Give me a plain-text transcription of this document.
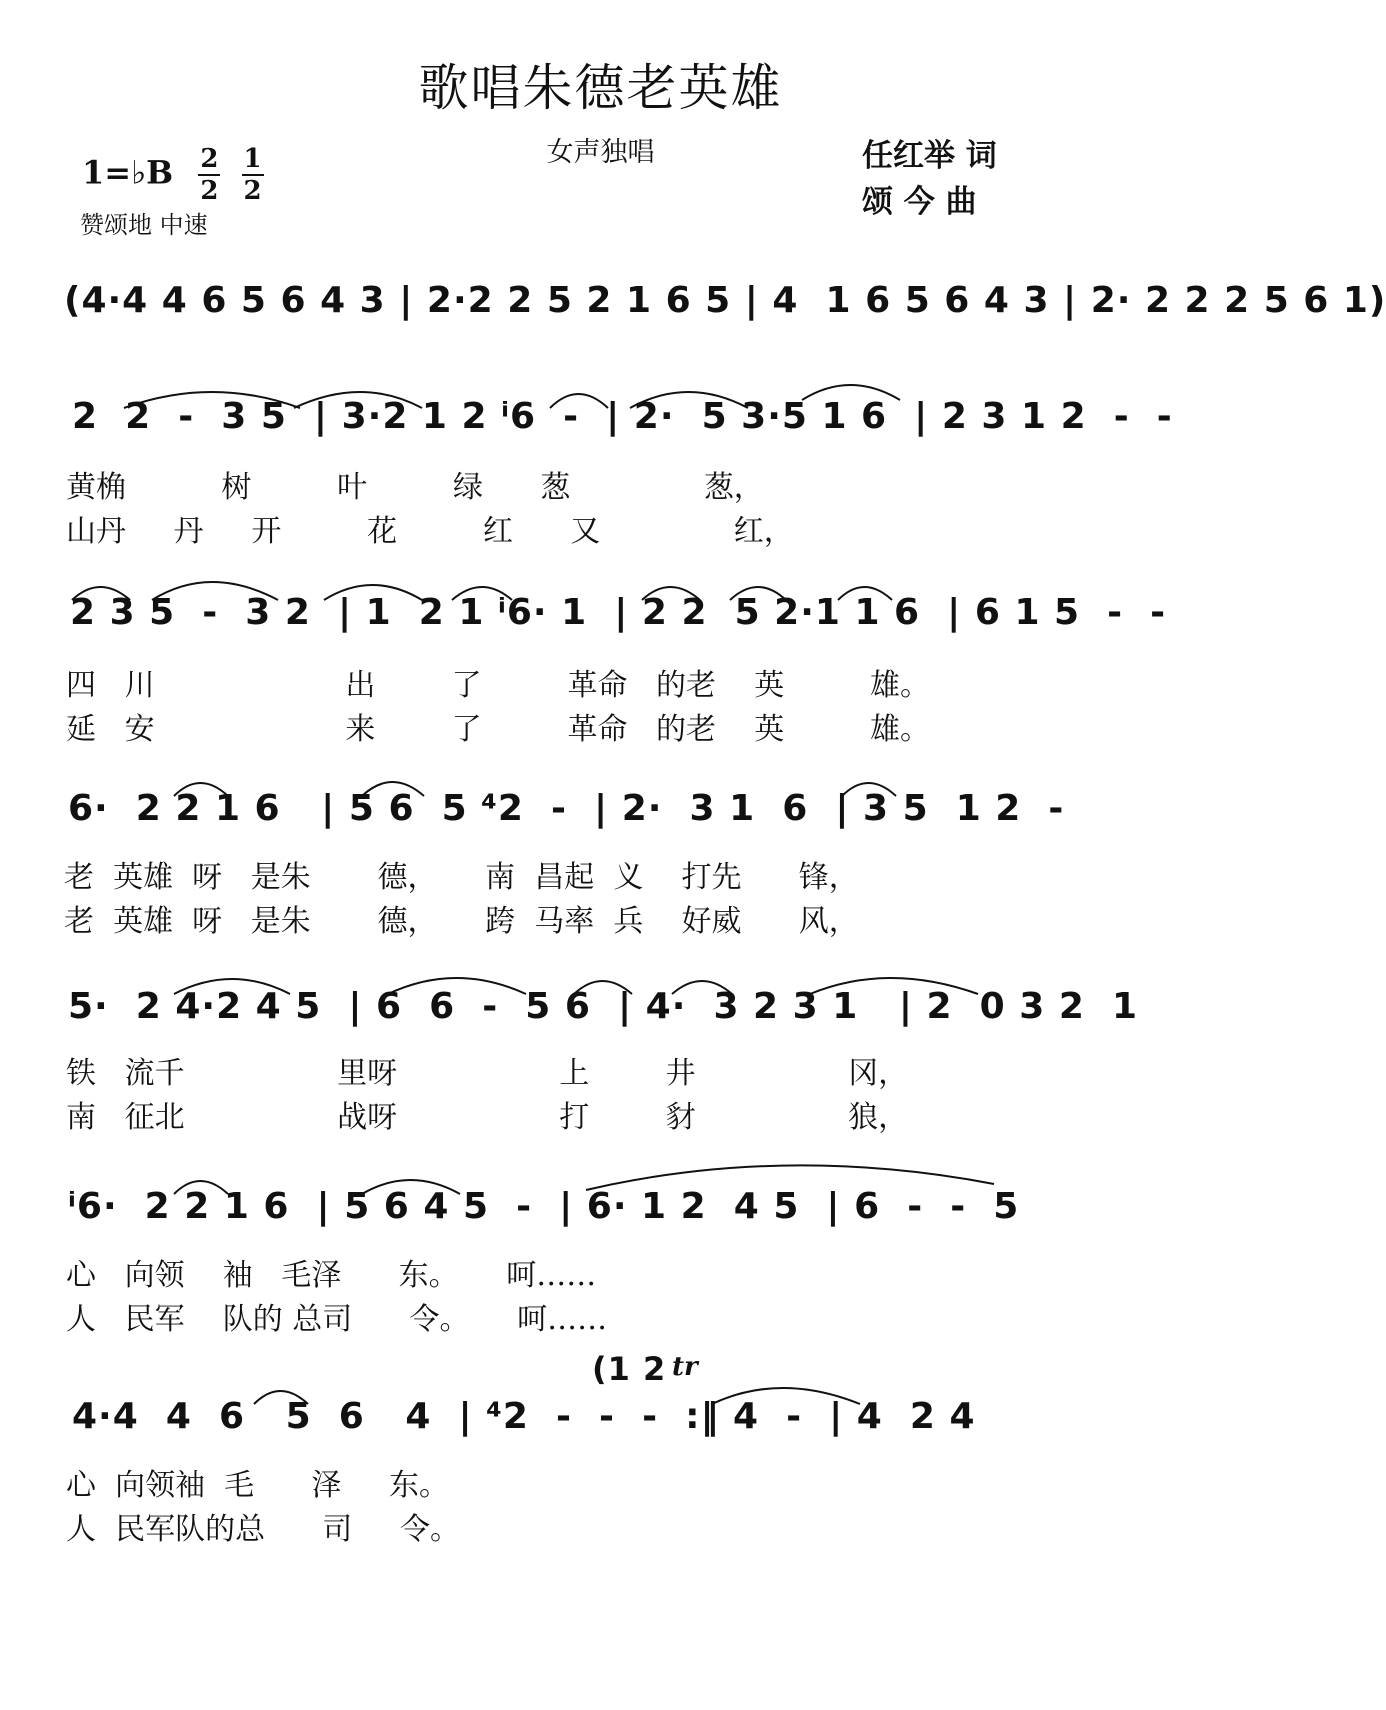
歌唱朱德老英雄
女声独唱
1=♭B $\frac{2}{2}$
$\frac{1}{2}$
赞颂地 中速
任红举 词
颂 今 曲
(4·4 4 6 5 6 4 3 | 2·2 2 5 2 1 6 5 | 4  1 6 5 6 4 3 | 2· 2 2 2 5 6 1)
2  2  -  3 5  | 3·2 1 2 ⁱ6  -  | 2·  5 3·5 1 6  | 2 3 1 2  -  -
黄桷          树         叶         绿      葱              葱，
山丹     丹     开         花         红      又              红，
2 3 5  -  3 2  | 1  2 1 ⁱ6· 1  | 2 2  5 2·1 1 6  | 6 1 5  -  -
四   川                    出        了         革命   的老    英         雄。
延   安                    来        了         革命   的老    英         雄。
6·  2 2 1 6   | 5 6  5 ⁴2  -  | 2·  3 1  6  | 3 5  1 2  -
老  英雄  呀   是朱       德，     南  昌起  义    打先      锋，
老  英雄  呀   是朱       德，     跨  马率  兵    好威      风，
5·  2 4·2 4 5  | 6  6  -  5 6  | 4·  3 2 3 1   | 2  0 3 2  1
铁   流千                里呀                 上        井                冈，
南   征北                战呀                 打        豺                狼，
ⁱ6·  2 2 1 6  | 5 6 4 5  -  | 6· 1 2  4 5  | 6  -  -  5
心   向领    袖   毛泽      东。     呵……
人   民军    队的 总司      令。     呵……
(1 2 tr
4·4  4  6   5  6   4  | ⁴2  -  -  -  :‖ 4  -  | 4  2 4
心  向领袖  毛      泽     东。
人  民军队的总      司     令。
